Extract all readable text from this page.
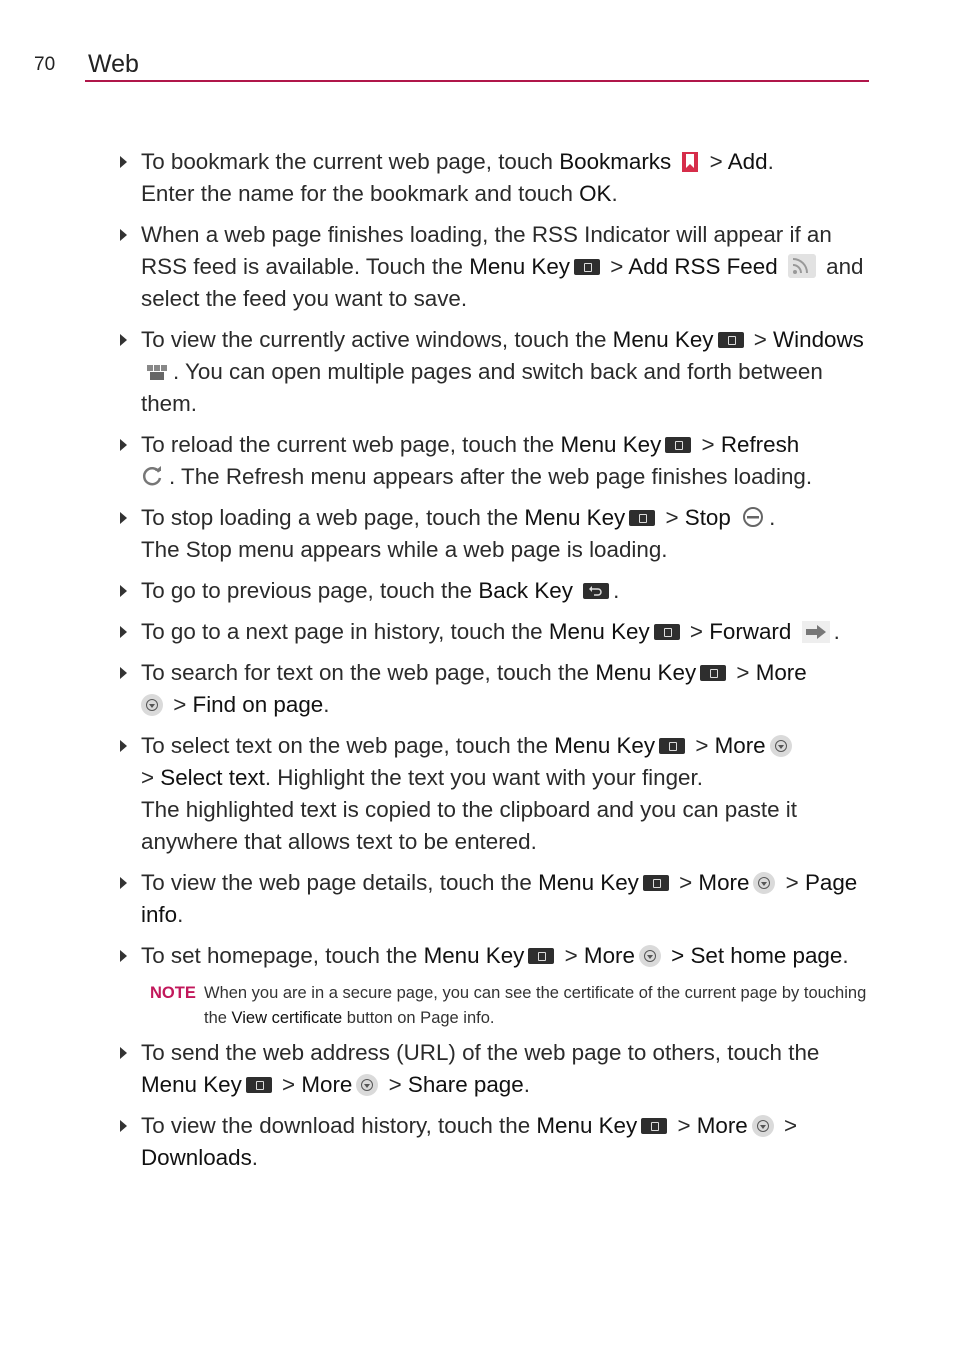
70 Web
To bookmark the current web page, touch Bookmarks  > Add.
Enter the name for the bookmark and touch OK.
When a web page finishes loading, the RSS Indicator will appear if an RSS feed is available. Touch the Menu Key > Add RSS Feed  and select the feed you want to save.
To view the currently active windows, touch the Menu Key > Windows . You can open multiple pages and switch back and forth between them.
To reload the current web page, touch the Menu Key > Refresh
. The Refresh menu appears after the web page finishes loading.
To stop loading a web page, touch the Menu Key > Stop .
The Stop menu appears while a web page is loading.
To go to previous page, touch the Back Key .
To go to a next page in history, touch the Menu Key > Forward .
To search for text on the web page, touch the Menu Key > More
> Find on page.
To select text on the web page, touch the Menu Key > More
> Select text. Highlight the text you want with your finger.
The highlighted text is copied to the clipboard and you can paste it anywhere that allows text to be entered.
To view the web page details, touch the Menu Key > More > Page info.
To set homepage, touch the Menu Key > More > Set home page.
NOTE When you are in a secure page, you can see the certificate of the current page by touching the View certificate button on Page info.
To send the web address (URL) of the web page to others, touch the Menu Key > More > Share page.
To view the download history, touch the Menu Key > More > Downloads.
